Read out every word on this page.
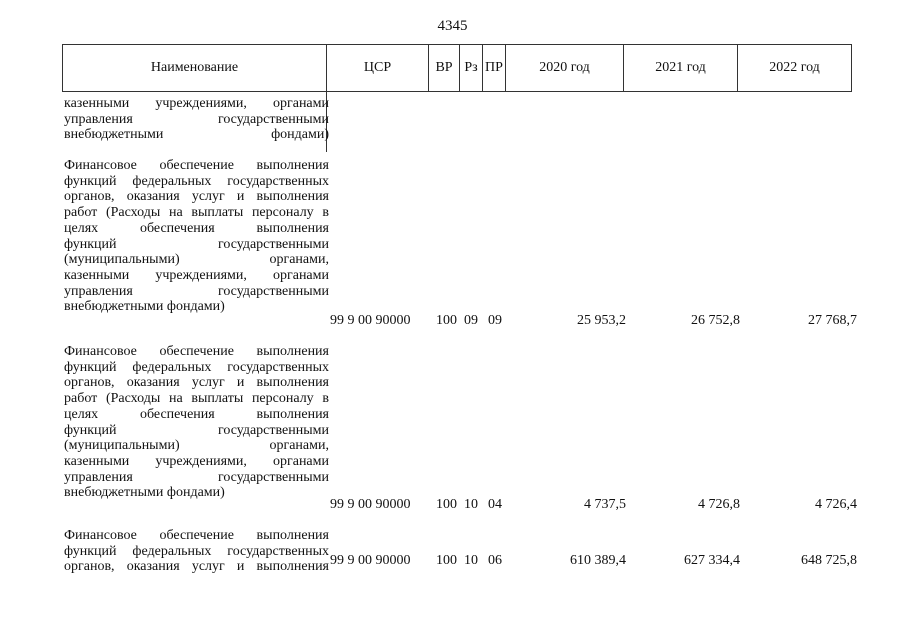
4345
Наименование	ЦСР	ВР Рз ПР	2020 год	2021 год	2022 год
казенными учреждениями, органами
управления государственными
внебюджетными фондами)
Финансовое обеспечение выполнения
функций федеральных государственных
органов, оказания услуг и выполнения
работ (Расходы на выплаты персоналу в
целях обеспечения выполнения
функций государственными
(муниципальными) органами,
казенными учреждениями, органами
управления государственными
внебюджетными фондами)
99 9 00 90000 100 09 09	25 953,2	26 752,8	27 768,7
Финансовое обеспечение выполнения
функций федеральных государственных
органов, оказания услуг и выполнения
работ (Расходы на выплаты персоналу в
целях обеспечения выполнения
функций государственными
(муниципальными) органами,
казенными учреждениями, органами
управления государственными
внебюджетными фондами)
99 9 00 90000 100 10 04	4 737,5	4 726,8	4 726,4
Финансовое обеспечение выполнения
функций федеральных государственных
органов, оказания услуг и выполнения 99 9 00 90000 100 10 06	610 389,4	627 334,4	648 725,8
